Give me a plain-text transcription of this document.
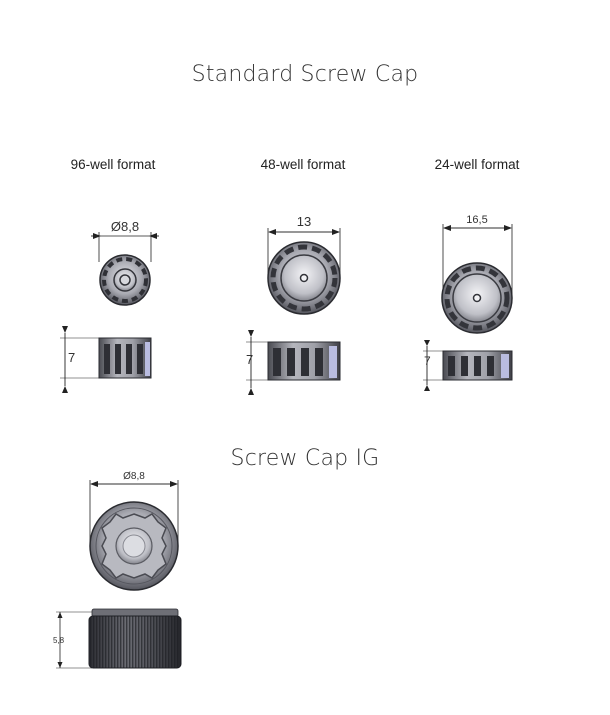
Standard Screw Cap
96-well format	48-well format	24-well format
Screw Cap IG
Ø8,8
7
13
7
16,5
7
Ø8,8
5,8
